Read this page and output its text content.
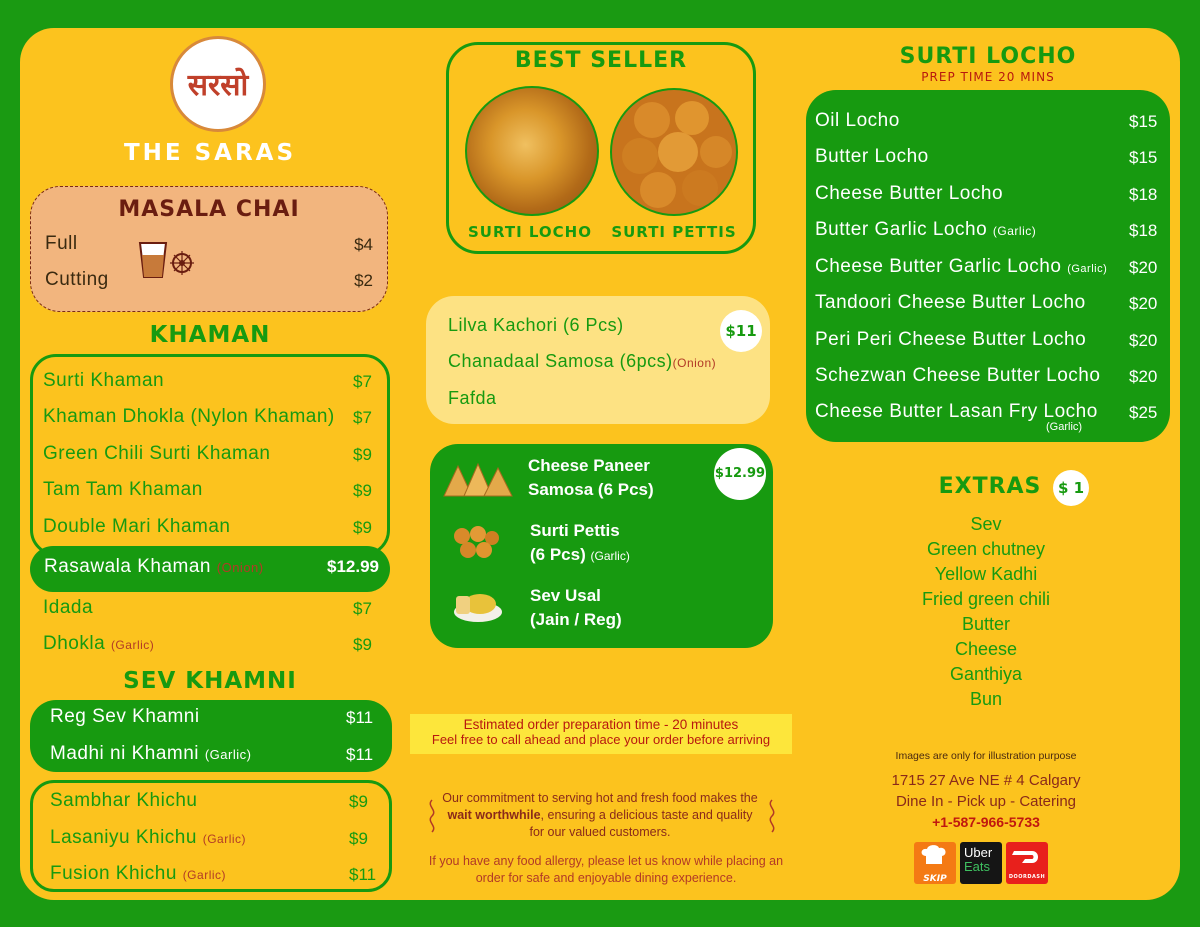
सरसो
THE SARAS
MASALA CHAI
Full	$4
Cutting	$2
KHAMAN
Surti Khaman	$7
Khaman Dhokla (Nylon Khaman) $7
Green Chili Surti Khaman	$9
Tam Tam Khaman	$9
Double Mari Khaman	$9
Rasawala Khaman (Onion)	$12.99
Idada	$7
Dhokla (Garlic)	$9
SEV KHAMNI
Reg Sev Khamni	$11
Madhi ni Khamni (Garlic)	$11
Sambhar Khichu	$9
Lasaniyu Khichu (Garlic)	$9
Fusion Khichu (Garlic)	$11
BEST SELLER
SURTI LOCHO	SURTI PETTIS
Lilva Kachori (6 Pcs)
Chanadaal Samosa (6pcs)(Onion)
Fafda
$11
$12.99
Cheese Paneer
Samosa (6 Pcs)
Surti Pettis
(6 Pcs) (Garlic)
Sev Usal
(Jain / Reg)
Estimated order preparation time - 20 minutes
Feel free to call ahead and place your order before arriving
Our commitment to serving hot and fresh food makes the wait worthwhile, ensuring a delicious taste and quality for our valued customers.
If you have any food allergy, please let us know while placing an order for safe and enjoyable dining experience.
SURTI LOCHO
PREP TIME 20 MINS
Oil Locho	$15
Butter Locho	$15
Cheese Butter Locho	$18
Butter Garlic Locho (Garlic)	$18
Cheese Butter Garlic Locho (Garlic) $20
Tandoori Cheese Butter Locho	$20
Peri Peri Cheese Butter Locho	$20
Schezwan Cheese Butter Locho $20
Cheese Butter Lasan Fry Locho
(Garlic)
$25
EXTRAS	$ 1
Sev
Green chutney
Yellow Kadhi
Fried green chili
Butter
Cheese
Ganthiya
Bun
Images are only for illustration purpose
1715 27 Ave NE # 4 Calgary
Dine In - Pick up - Catering
+1-587-966-5733
SKIP
Uber
Eats
DOORDASH
